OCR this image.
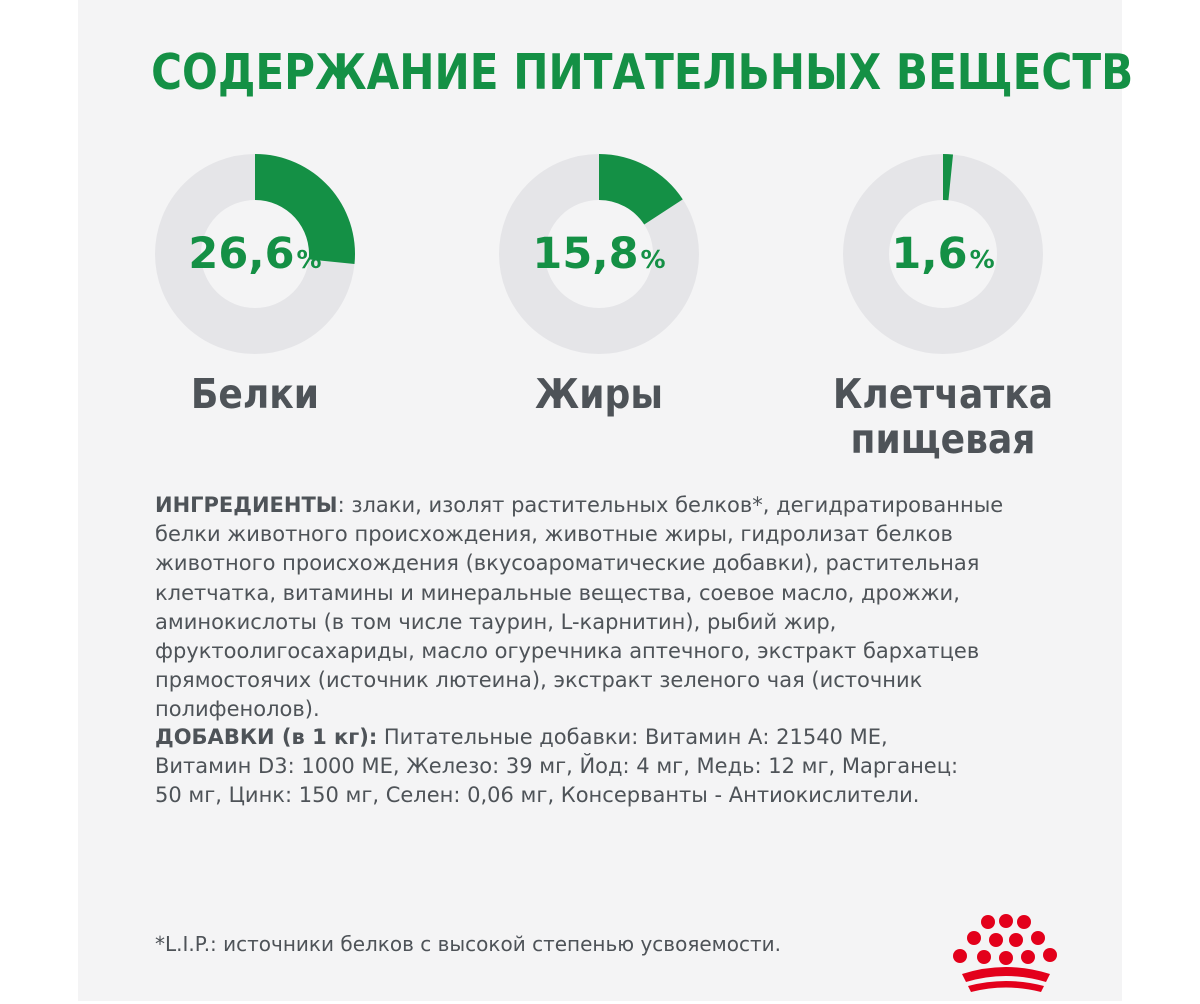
СОДЕРЖАНИЕ ПИТАТЕЛЬНЫХ ВЕЩЕСТВ
26,6 %
Белки
15,8 %
Жиры
1,6 %
Клетчатка
пищевая
ИНГРЕДИЕНТЫ: злаки, изолят растительных белков*, дегидратированные белки животного происхождения, животные жиры, гидролизат белков животного происхождения (вкусоароматические добавки), растительная клетчатка, витамины и минеральные вещества, соевое масло, дрожжи, аминокислоты (в том числе таурин, L-карнитин), рыбий жир, фруктоолигосахариды, масло огуречника аптечного, экстракт бархатцев прямостоячих (источник лютеина), экстракт зеленого чая (источник полифенолов).
ДОБАВКИ (в 1 кг): Питательные добавки: Витамин А: 21540 МЕ, Витамин D3: 1000 МЕ, Железо: 39 мг, Йод: 4 мг, Медь: 12 мг, Марганец: 50 мг, Цинк: 150 мг, Селен: 0,06 мг, Консерванты - Антиокислители.
*L.I.P.: источники белков с высокой степенью усвояемости.
